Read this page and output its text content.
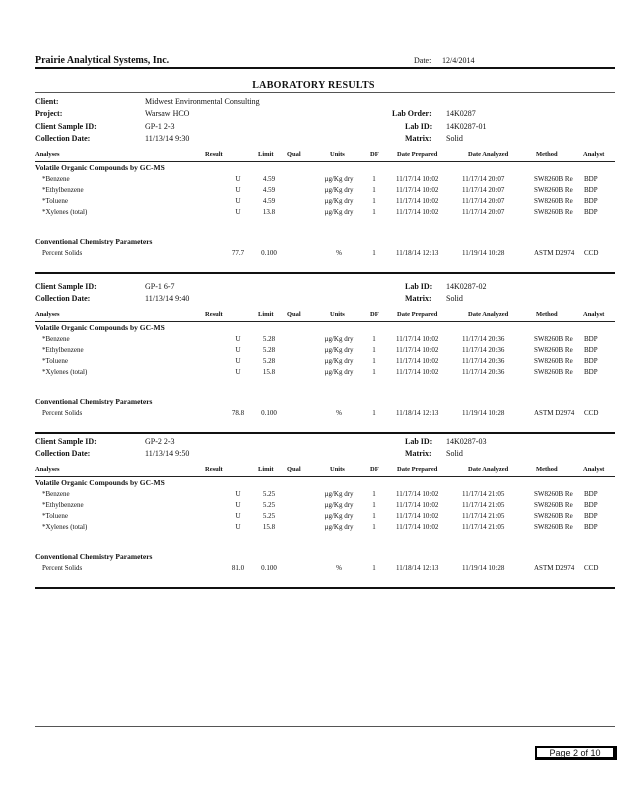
Prairie Analytical Systems, Inc.	Date: 12/4/2014
LABORATORY RESULTS
Client:	Midwest Environmental Consulting
Project:	Warsaw HCO	Lab Order: 14K0287
Client Sample ID:	GP-1 2-3	Lab ID: 14K0287-01
Collection Date:	11/13/14 9:30	Matrix: Solid
Analyses	Result	Limit Qual	Units	DF	Date Prepared	Date Analyzed	Method	Analyst
Volatile Organic Compounds by GC-MS
*Benzene	U	4.59	µg/Kg dry	1	11/17/14 10:02	11/17/14 20:07	SW8260B Re BDP
*Ethylbenzene	U	4.59	µg/Kg dry	1	11/17/14 10:02	11/17/14 20:07	SW8260B Re BDP
*Toluene	U	4.59	µg/Kg dry	1	11/17/14 10:02	11/17/14 20:07	SW8260B Re BDP
*Xylenes (total)	U	13.8	µg/Kg dry	1	11/17/14 10:02	11/17/14 20:07	SW8260B Re BDP
Conventional Chemistry Parameters
Percent Solids	77.7	0.100	%	1	11/18/14 12:13	11/19/14 10:28	ASTM D2974 CCD
Client Sample ID:	GP-1 6-7	Lab ID: 14K0287-02
Collection Date:	11/13/14 9:40	Matrix: Solid
Analyses	Result	Limit Qual	Units	DF	Date Prepared	Date Analyzed	Method	Analyst
Volatile Organic Compounds by GC-MS
*Benzene	U	5.28	µg/Kg dry	1	11/17/14 10:02	11/17/14 20:36	SW8260B Re BDP
*Ethylbenzene	U	5.28	µg/Kg dry	1	11/17/14 10:02	11/17/14 20:36	SW8260B Re BDP
*Toluene	U	5.28	µg/Kg dry	1	11/17/14 10:02	11/17/14 20:36	SW8260B Re BDP
*Xylenes (total)	U	15.8	µg/Kg dry	1	11/17/14 10:02	11/17/14 20:36	SW8260B Re BDP
Conventional Chemistry Parameters
Percent Solids	78.8	0.100	%	1	11/18/14 12:13	11/19/14 10:28	ASTM D2974 CCD
Client Sample ID:	GP-2 2-3	Lab ID: 14K0287-03
Collection Date:	11/13/14 9:50	Matrix: Solid
Analyses	Result	Limit Qual	Units	DF	Date Prepared	Date Analyzed	Method	Analyst
Volatile Organic Compounds by GC-MS
*Benzene	U	5.25	µg/Kg dry	1	11/17/14 10:02	11/17/14 21:05	SW8260B Re BDP
*Ethylbenzene	U	5.25	µg/Kg dry	1	11/17/14 10:02	11/17/14 21:05	SW8260B Re BDP
*Toluene	U	5.25	µg/Kg dry	1	11/17/14 10:02	11/17/14 21:05	SW8260B Re BDP
*Xylenes (total)	U	15.8	µg/Kg dry	1	11/17/14 10:02	11/17/14 21:05	SW8260B Re BDP
Conventional Chemistry Parameters
Percent Solids	81.0	0.100	%	1	11/18/14 12:13	11/19/14 10:28	ASTM D2974 CCD
Page 2 of 10
